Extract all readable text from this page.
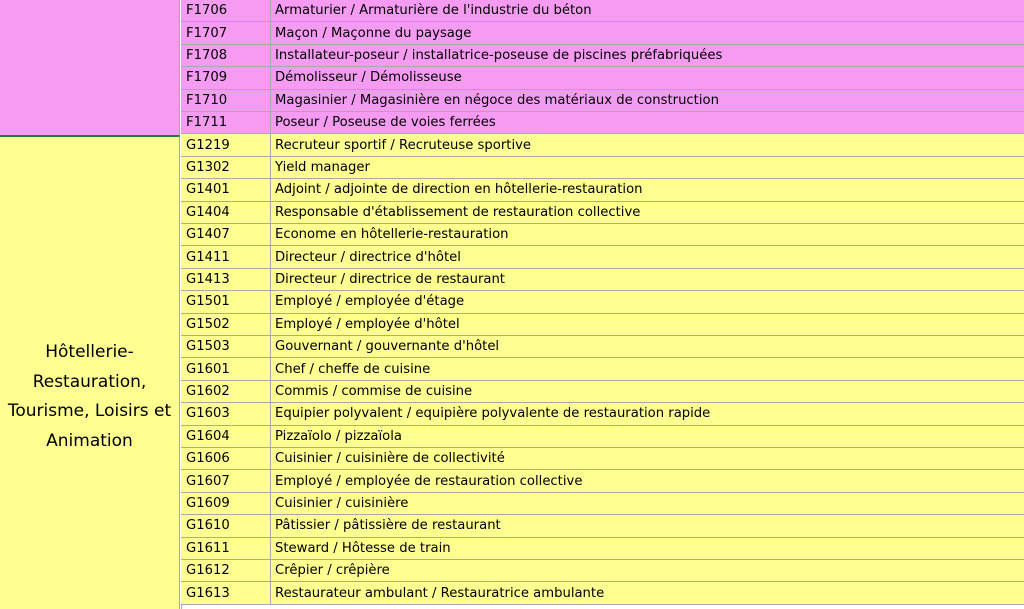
Hôtellerie-
Restauration,
Tourisme, Loisirs et
Animation
F1706	Armaturier / Armaturière de l'industrie du béton
F1707	Maçon / Maçonne du paysage
F1708	Installateur-poseur / installatrice-poseuse de piscines préfabriquées
F1709	Démolisseur / Démolisseuse
F1710	Magasinier / Magasinière en négoce des matériaux de construction
F1711	Poseur / Poseuse de voies ferrées
G1219	Recruteur sportif / Recruteuse sportive
G1302	Yield manager
G1401	Adjoint / adjointe de direction en hôtellerie-restauration
G1404	Responsable d'établissement de restauration collective
G1407	Econome en hôtellerie-restauration
G1411	Directeur / directrice d'hôtel
G1413	Directeur / directrice de restaurant
G1501	Employé / employée d'étage
G1502	Employé / employée d'hôtel
G1503	Gouvernant / gouvernante d'hôtel
G1601	Chef / cheffe de cuisine
G1602	Commis / commise de cuisine
G1603	Equipier polyvalent / equipière polyvalente de restauration rapide
G1604	Pizzaïolo / pizzaïola
G1606	Cuisinier / cuisinière de collectivité
G1607	Employé / employée de restauration collective
G1609	Cuisinier / cuisinière
G1610	Pâtissier / pâtissière de restaurant
G1611	Steward / Hôtesse de train
G1612	Crêpier / crêpière
G1613	Restaurateur ambulant / Restauratrice ambulante
